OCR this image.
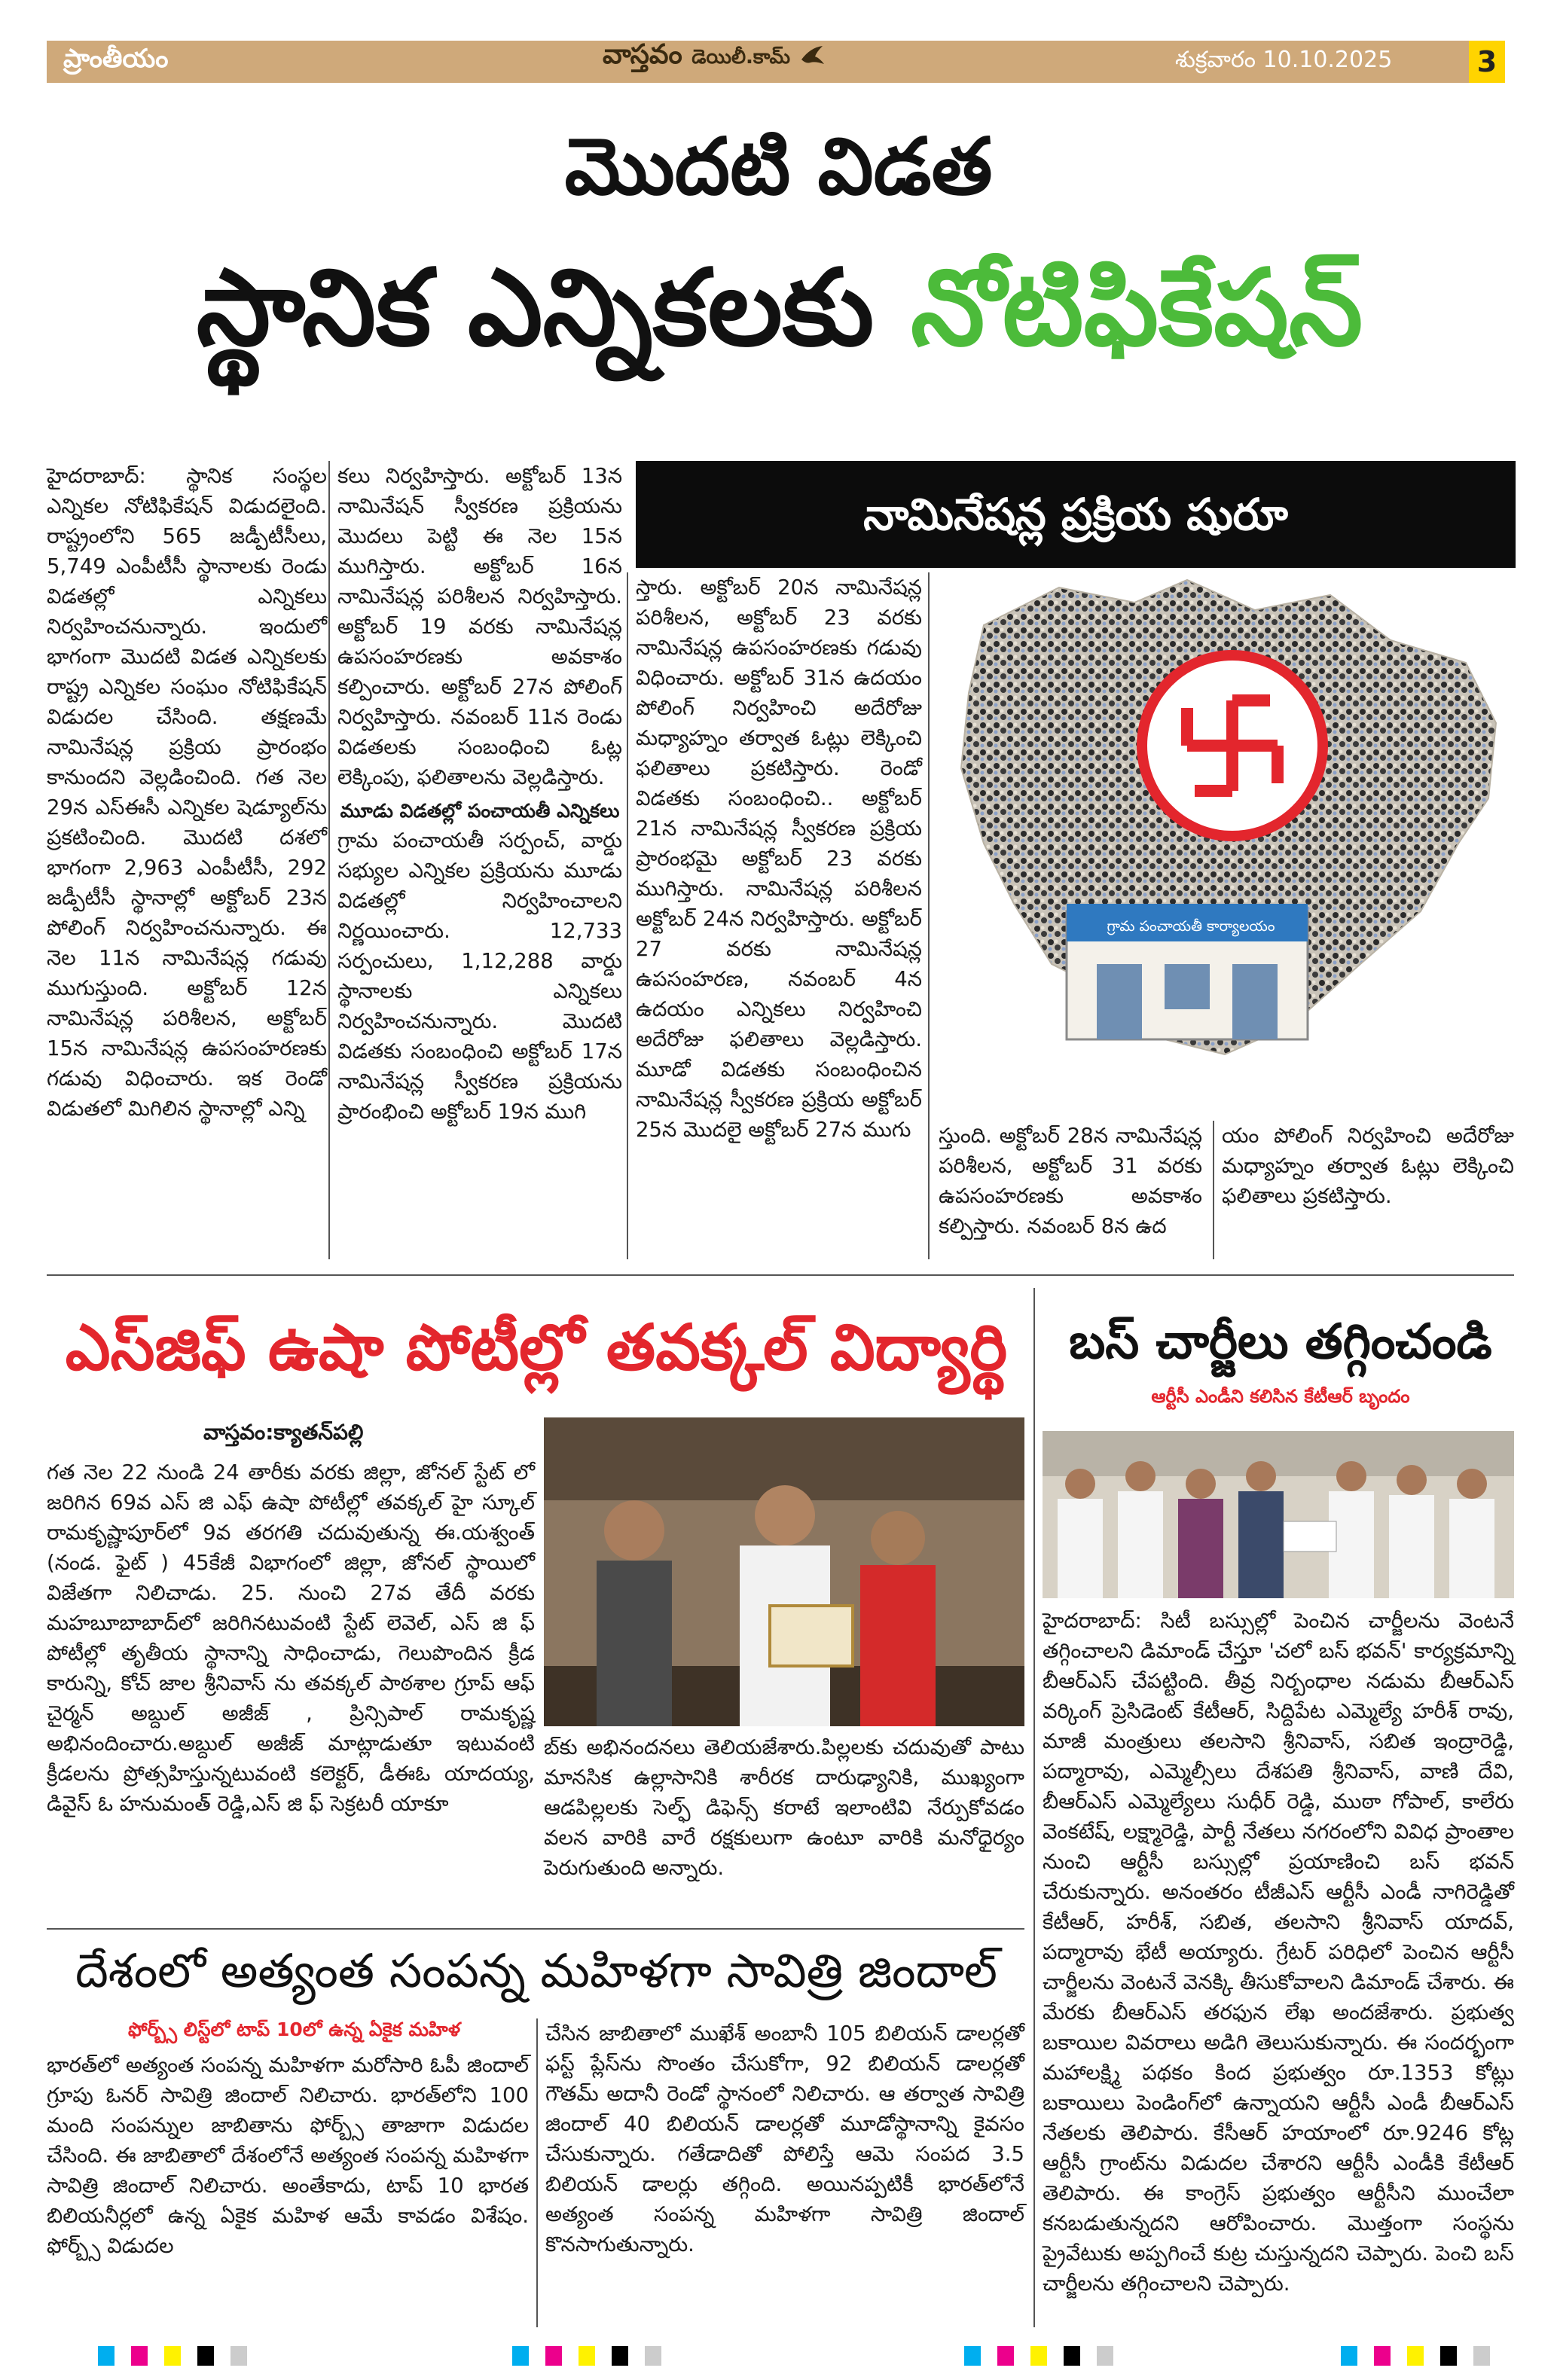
ప్రాంతీయం	వాస్తవం డెయిలీ.కామ్	శుక్రవారం 10.10.2025	3
మొదటి విడత
స్థానిక ఎన్నికలకు నోటిఫికేషన్

హైదరాబాద్: స్థానిక సంస్థల ఎన్నికల నోటిఫికేషన్ విడుదలైంది. రాష్ట్రంలోని 565 జడ్పీటీసీలు, 5,749 ఎంపీటీసీ స్థానాలకు రెండు విడతల్లో ఎన్నికలు నిర్వహించనున్నారు. ఇందులో భాగంగా మొదటి విడత ఎన్నికలకు రాష్ట్ర ఎన్నికల సంఘం నోటిఫికేషన్ విడుదల చేసింది. తక్షణమే నామినేషన్ల ప్రక్రియ ప్రారంభం కానుందని వెల్లడించింది. గత నెల 29న ఎస్ఈసీ ఎన్నికల షెడ్యూల్‌ను ప్రకటించింది. మొదటి దశలో భాగంగా 2,963 ఎంపీటీసీ, 292 జడ్పీటీసీ స్థానాల్లో అక్టోబర్ 23న పోలింగ్ నిర్వహించనున్నారు. ఈ నెల 11న నామినేషన్ల గడువు ముగుస్తుంది. అక్టోబర్ 12న నామినేషన్ల పరిశీలన, అక్టోబర్ 15న నామినేషన్ల ఉపసంహరణకు గడువు విధించారు. ఇక రెండో విడుతలో మిగిలిన స్థానాల్లో ఎన్ని

కలు నిర్వహిస్తారు. అక్టోబర్ 13న నామినేషన్ స్వీకరణ ప్రక్రియను మొదలు పెట్టి ఈ నెల 15న ముగిస్తారు. అక్టోబర్ 16న నామినేషన్ల పరిశీలన నిర్వహిస్తారు. అక్టోబర్ 19 వరకు నామినేషన్ల ఉపసంహరణకు అవకాశం కల్పించారు. అక్టోబర్ 27న పోలింగ్ నిర్వహిస్తారు. నవంబర్ 11న రెండు విడతలకు సంబంధించి ఓట్ల లెక్కింపు, ఫలితాలను వెల్లడిస్తారు.

మూడు విడతల్లో పంచాయతీ ఎన్నికలు

గ్రామ పంచాయతీ సర్పంచ్, వార్డు సభ్యుల ఎన్నికల ప్రక్రియను మూడు విడతల్లో నిర్వహించాలని నిర్ణయించారు. 12,733 సర్పంచులు, 1,12,288 వార్డు స్థానాలకు ఎన్నికలు నిర్వహించనున్నారు. మొదటి విడతకు సంబంధించి అక్టోబర్ 17న నామినేషన్ల స్వీకరణ ప్రక్రియను ప్రారంభించి అక్టోబర్ 19న ముగి

నామినేషన్ల ప్రక్రియ షురూ

స్తారు. అక్టోబర్ 20న నామినేషన్ల పరిశీలన, అక్టోబర్ 23 వరకు నామినేషన్ల ఉపసంహరణకు గడువు విధించారు. అక్టోబర్ 31న ఉదయం పోలింగ్ నిర్వహించి అదేరోజు మధ్యాహ్నం తర్వాత ఓట్లు లెక్కించి ఫలితాలు ప్రకటిస్తారు. రెండో విడతకు సంబంధించి.. అక్టోబర్ 21న నామినేషన్ల స్వీకరణ ప్రక్రియ ప్రారంభమై అక్టోబర్ 23 వరకు ముగిస్తారు. నామినేషన్ల పరిశీలన అక్టోబర్ 24న నిర్వహిస్తారు. అక్టోబర్ 27 వరకు నామినేషన్ల ఉపసంహరణ, నవంబర్ 4న ఉదయం ఎన్నికలు నిర్వహించి అదేరోజు ఫలితాలు వెల్లడిస్తారు. మూడో విడతకు సంబంధించిన నామినేషన్ల స్వీకరణ ప్రక్రియ అక్టోబర్ 25న మొదలై అక్టోబర్ 27న ముగు

గ్రామ పంచాయతీ కార్యాలయం

స్తుంది. అక్టోబర్ 28న నామినేషన్ల పరిశీలన, అక్టోబర్ 31 వరకు ఉపసంహరణకు అవకాశం కల్పిస్తారు. నవంబర్ 8న ఉద

యం పోలింగ్ నిర్వహించి అదేరోజు మధ్యాహ్నం తర్వాత ఓట్లు లెక్కించి ఫలితాలు ప్రకటిస్తారు.

ఎస్‌జిఫ్ ఉషా పోటీల్లో తవక్కల్ విద్యార్థి
వాస్తవం:క్యాతన్‌పల్లి

గత నెల 22 నుండి 24 తారీకు వరకు జిల్లా, జోనల్ స్టేట్ లో జరిగిన 69వ ఎస్ జి ఎఫ్ ఉషా పోటీల్లో తవక్కల్ హై స్కూల్ రామకృష్ణాపూర్‌లో 9వ తరగతి చదువుతున్న ఈ.యశ్వంత్ (నండ. ఫైట్ ) 45కేజీ విభాగంలో జిల్లా, జోనల్ స్థాయిలో విజేతగా నిలిచాడు. 25. నుంచి 27వ తేదీ వరకు మహబూబాబాద్‌లో జరిగినటువంటి స్టేట్ లెవెల్, ఎస్ జి ఫ్ పోటీల్లో తృతీయ స్థానాన్ని సాధించాడు, గెలుపొందిన క్రీడ కారున్ని, కోచ్ జాల శ్రీనివాస్ ను తవక్కల్ పాఠశాల గ్రూప్ ఆఫ్ చైర్మన్ అబ్దుల్ అజీజ్ , ప్రిన్సిపాల్ రామకృష్ణ అభినందించారు.అబ్దుల్ అజీజ్ మాట్లాడుతూ ఇటువంటి క్రీడలను ప్రోత్సహిస్తున్నటువంటి కలెక్టర్, డీఈఓ యాదయ్య, డివైస్ ఓ హనుమంత్ రెడ్డి,ఎస్ జి ఫ్ సెక్రటరీ యాకూ

బ్‌కు అభినందనలు తెలియజేశారు.పిల్లలకు చదువుతో పాటు మానసిక ఉల్లాసానికి శారీరక దారుఢ్యానికి, ముఖ్యంగా ఆడపిల్లలకు సెల్ఫ్ డిఫెన్స్ కరాటే ఇలాంటివి నేర్పుకోవడం వలన వారికి వారే రక్షకులుగా ఉంటూ వారికి మనోధైర్యం పెరుగుతుంది అన్నారు.

బస్ చార్జీలు తగ్గించండి
ఆర్టీసీ ఎండీని కలిసిన కేటీఆర్ బృందం

హైదరాబాద్: సిటీ బస్సుల్లో పెంచిన చార్జీలను వెంటనే తగ్గించాలని డిమాండ్ చేస్తూ 'చలో బస్ భవన్' కార్యక్రమాన్ని బీఆర్ఎస్ చేపట్టింది. తీవ్ర నిర్బంధాల నడుమ బీఆర్ఎస్ వర్కింగ్ ప్రెసిడెంట్ కేటీఆర్, సిద్దిపేట ఎమ్మెల్యే హరీశ్ రావు, మాజీ మంత్రులు తలసాని శ్రీనివాస్, సబిత ఇంద్రారెడ్డి, పద్మారావు, ఎమ్మెల్సీలు దేశపతి శ్రీనివాస్, వాణి దేవి, బీఆర్ఎస్ ఎమ్మెల్యేలు సుధీర్ రెడ్డి, ముఠా గోపాల్, కాలేరు వెంకటేష్, లక్ష్మారెడ్డి, పార్టీ నేతలు నగరంలోని వివిధ ప్రాంతాల నుంచి ఆర్టీసీ బస్సుల్లో ప్రయాణించి బస్ భవన్ చేరుకున్నారు. అనంతరం టీజీఎస్ ఆర్టీసీ ఎండీ నాగిరెడ్డితో కేటీఆర్, హరీశ్, సబిత, తలసాని శ్రీనివాస్ యాదవ్, పద్మారావు భేటీ అయ్యారు. గ్రేటర్ పరిధిలో పెంచిన ఆర్టీసీ చార్జీలను వెంటనే వెనక్కి తీసుకోవాలని డిమాండ్ చేశారు. ఈ మేరకు బీఆర్ఎస్ తరఫున లేఖ అందజేశారు. ప్రభుత్వ బకాయిల వివరాలు అడిగి తెలుసుకున్నారు. ఈ సందర్భంగా మహాలక్ష్మి పథకం కింద ప్రభుత్వం రూ.1353 కోట్లు బకాయిలు పెండింగ్‌లో ఉన్నాయని ఆర్టీసీ ఎండీ బీఆర్ఎస్ నేతలకు తెలిపారు. కేసీఆర్ హయాంలో రూ.9246 కోట్ల ఆర్టీసీ గ్రాంట్‌ను విడుదల చేశారని ఆర్టీసీ ఎండీకి కేటీఆర్ తెలిపారు. ఈ కాంగ్రెస్ ప్రభుత్వం ఆర్టీసీని ముంచేలా కనబడుతున్నదని ఆరోపించారు. మొత్తంగా సంస్థను ప్రైవేటుకు అప్పగించే కుట్ర చుస్తున్నదని చెప్పారు. పెంచి బస్ చార్జీలను తగ్గించాలని చెప్పారు.

దేశంలో అత్యంత సంపన్న మహిళగా సావిత్రి జిందాల్
ఫోర్బ్స్ లిస్ట్‌లో టాప్ 10లో ఉన్న ఏకైక మహిళ

భారత్‌లో అత్యంత సంపన్న మహిళగా మరోసారి ఓపీ జిందాల్ గ్రూపు ఓనర్ సావిత్రి జిందాల్ నిలిచారు. భారత్‌లోని 100 మంది సంపన్నుల జాబితాను ఫోర్బ్స్ తాజాగా విడుదల చేసింది. ఈ జాబితాలో దేశంలోనే అత్యంత సంపన్న మహిళగా సావిత్రి జిందాల్ నిలిచారు. అంతేకాదు, టాప్ 10 భారత బిలియనీర్లలో ఉన్న ఏకైక మహిళ ఆమే కావడం విశేషం. ఫోర్బ్స్ విడుదల

చేసిన జాబితాలో ముఖేశ్ అంబానీ 105 బిలియన్ డాలర్లతో ఫస్ట్ ప్లేస్‌ను సొంతం చేసుకోగా, 92 బిలియన్ డాలర్లతో గౌతమ్ అదానీ రెండో స్థానంలో నిలిచారు. ఆ తర్వాత సావిత్రి జిందాల్ 40 బిలియన్ డాలర్లతో మూడోస్థానాన్ని కైవసం చేసుకున్నారు. గతేడాదితో పోలిస్తే ఆమె సంపద 3.5 బిలియన్ డాలర్లు తగ్గింది. అయినప్పటికీ భారత్‌లోనే అత్యంత సంపన్న మహిళగా సావిత్రి జిందాల్ కొనసాగుతున్నారు.
